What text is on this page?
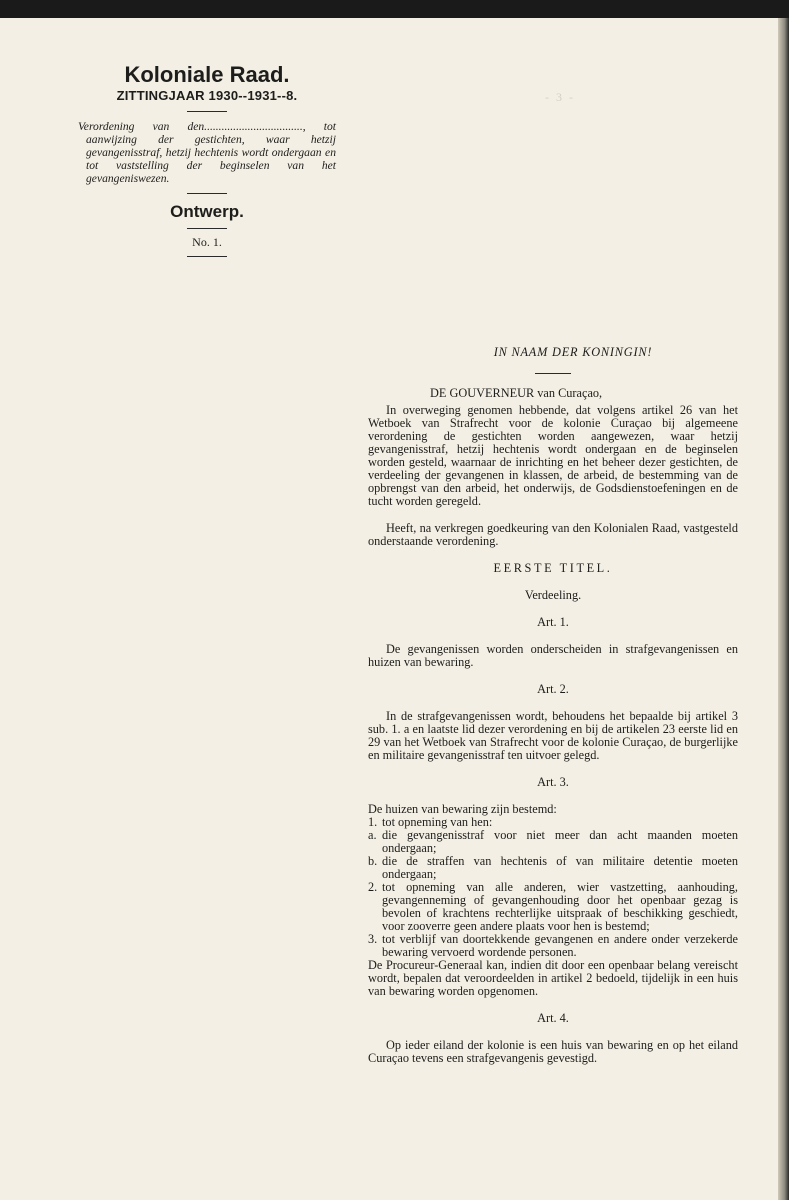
Koloniale Raad.

ZITTINGJAAR 1930--1931--8.

Verordening van den.................................., tot aanwijzing der gestichten, waar hetzij gevangenisstraf, hetzij hechtenis wordt ondergaan en tot vaststelling der beginselen van het gevangeniswezen.

Ontwerp.

No. 1.

- 3 -

IN NAAM DER KONINGIN!

DE GOUVERNEUR van Curaçao,

In overweging genomen hebbende, dat volgens artikel 26 van het Wetboek van Strafrecht voor de kolonie Curaçao bij algemeene verordening de gestichten worden aangewezen, waar hetzij gevangenisstraf, hetzij hechtenis wordt ondergaan en de beginselen worden gesteld, waarnaar de inrichting en het beheer dezer gestichten, de verdeeling der gevangenen in klassen, de arbeid, de bestemming van de opbrengst van den arbeid, het onderwijs, de Godsdienstoefeningen en de tucht worden geregeld.

Heeft, na verkregen goedkeuring van den Kolonialen Raad, vastgesteld onderstaande verordening.

EERSTE TITEL.

Verdeeling.

Art. 1.

De gevangenissen worden onderscheiden in strafgevangenissen en huizen van bewaring.

Art. 2.

In de strafgevangenissen wordt, behoudens het bepaalde bij artikel 3 sub. 1. a en laatste lid dezer verordening en bij de artikelen 23 eerste lid en 29 van het Wetboek van Strafrecht voor de kolonie Curaçao, de burgerlijke en militaire gevangenisstraf ten uitvoer gelegd.

Art. 3.

De huizen van bewaring zijn bestemd:

1. tot opneming van hen:
a. die gevangenisstraf voor niet meer dan acht maanden moeten ondergaan;
b. die de straffen van hechtenis of van militaire detentie moeten ondergaan;
2. tot opneming van alle anderen, wier vastzetting, aanhouding, gevangenneming of gevangenhouding door het openbaar gezag is bevolen of krachtens rechterlijke uitspraak of beschikking geschiedt, voor zooverre geen andere plaats voor hen is bestemd;
3. tot verblijf van doortekkende gevangenen en andere onder verzekerde bewaring vervoerd wordende personen.

De Procureur-Generaal kan, indien dit door een openbaar belang vereischt wordt, bepalen dat veroordeelden in artikel 2 bedoeld, tijdelijk in een huis van bewaring worden opgenomen.

Art. 4.

Op ieder eiland der kolonie is een huis van bewaring en op het eiland Curaçao tevens een strafgevangenis gevestigd.
